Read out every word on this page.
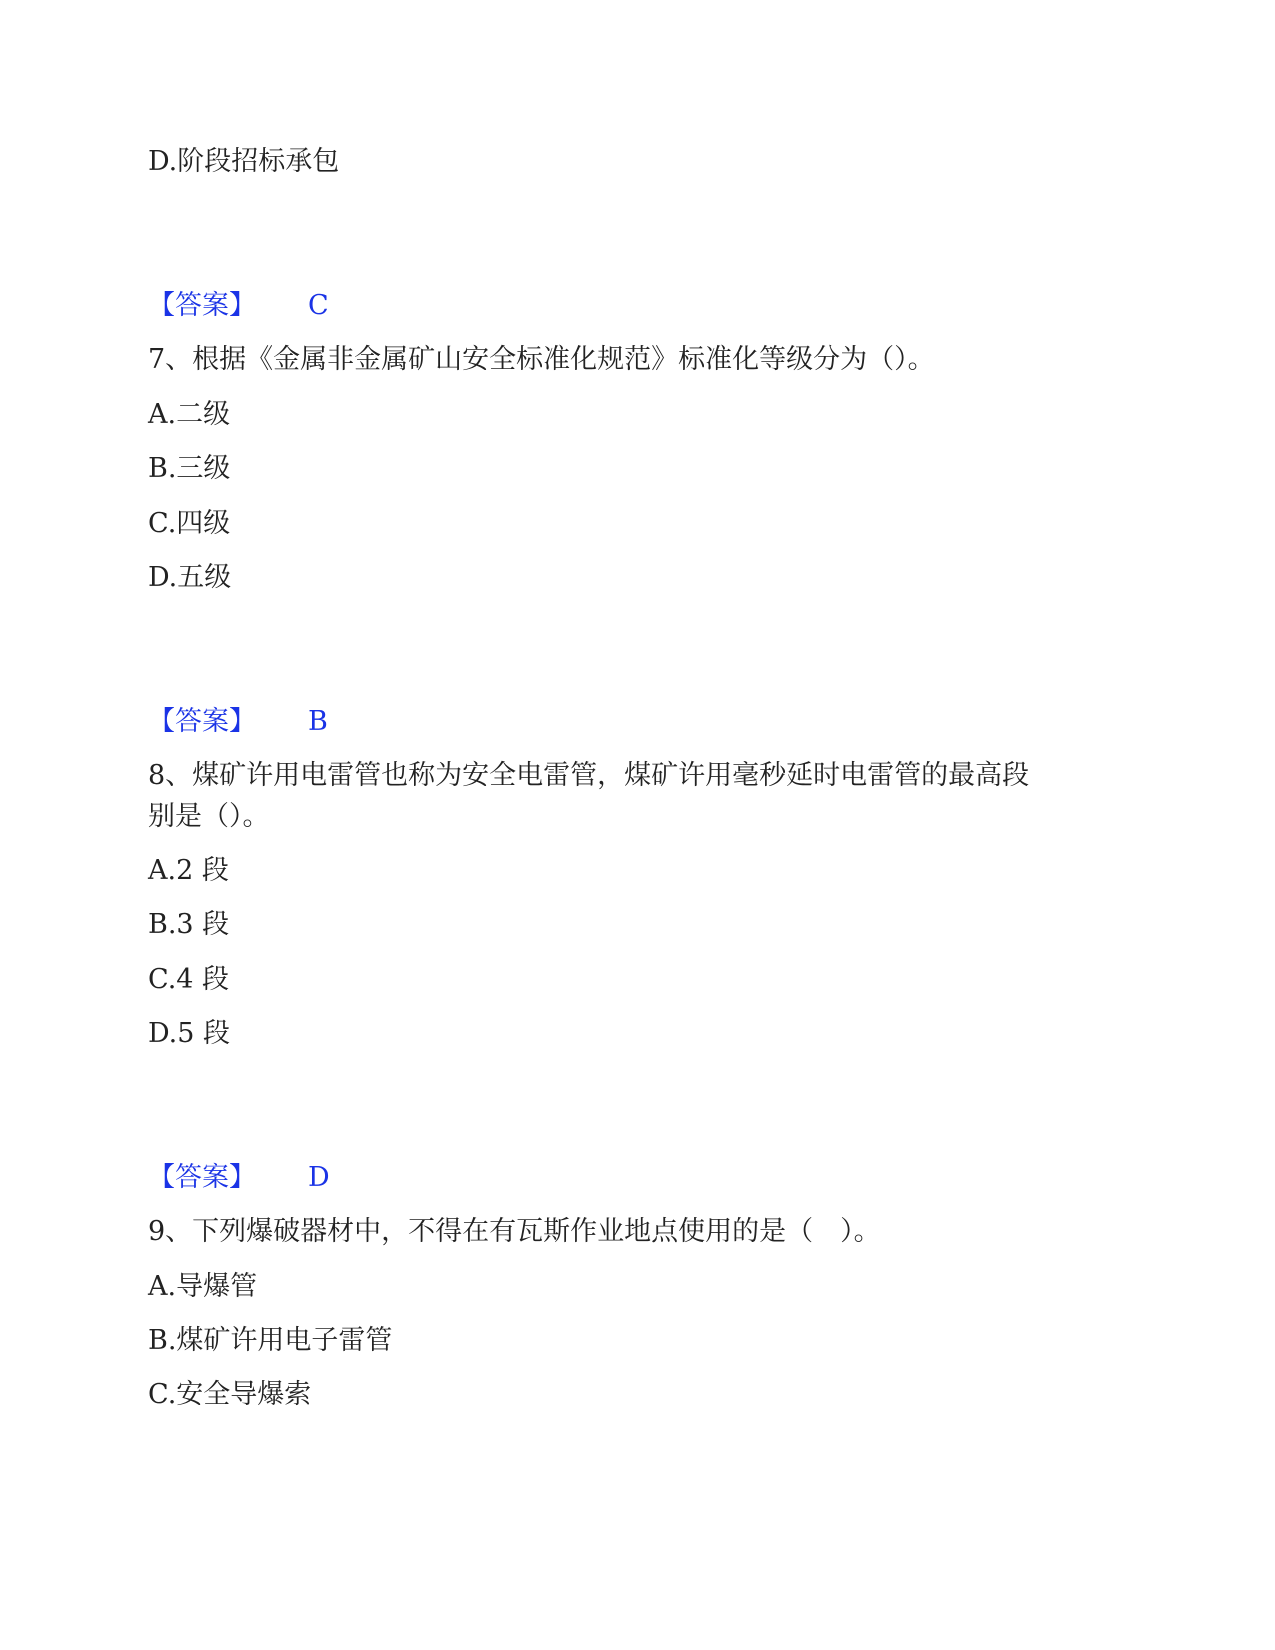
D.阶段招标承包
【答案】 C
7、根据《金属非金属矿山安全标准化规范》标准化等级分为（）。
A.二级
B.三级
C.四级
D.五级
【答案】 B
8、煤矿许用电雷管也称为安全电雷管，煤矿许用毫秒延时电雷管的最高段
别是（）。
A.2 段
B.3 段
C.4 段
D.5 段
【答案】 D
9、下列爆破器材中，不得在有瓦斯作业地点使用的是（　）。
A.导爆管
B.煤矿许用电子雷管
C.安全导爆索
